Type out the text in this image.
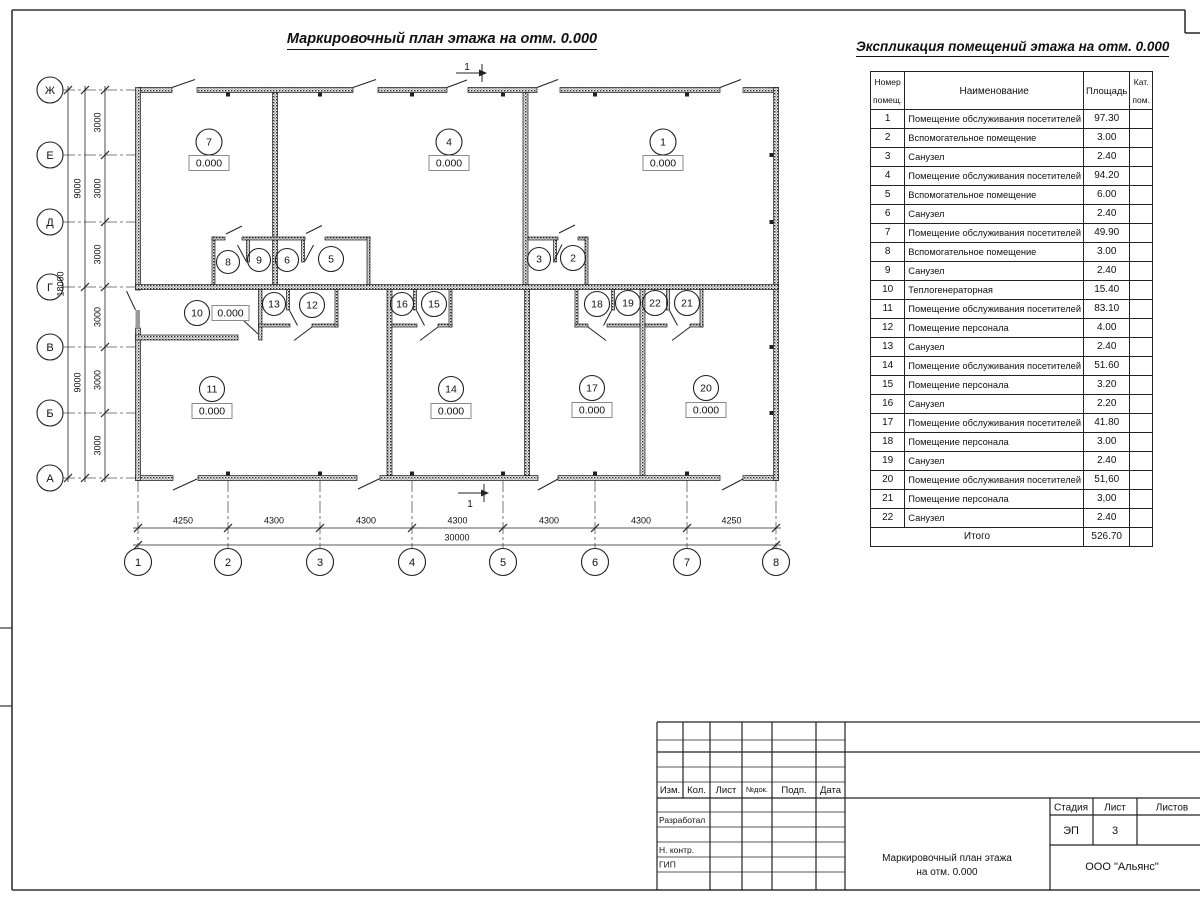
3000
3000
3000
3000
3000
3000
9000
9000
18000
4250	4300	4300	4300	4300	4300	4250
30000
Ж
Е
Д
Г
В
Б
А
1	2	3	4	5	6	7	8
1
1
7	4	1
8 9 6	5	3	2
10
13	12	16 15	18 19 22 21
11	14	17	20
0.000	0.000	0.000
0.000
0.000	0.000	0.000	0.000
Изм. Кол. Лист №док. Подп. Дата
Разработал
Н. контр.
ГИП
Маркировочный план этажа
на отм. 0.000
Стадия Лист	Листов
ЭП	3
ООО "Альянс"
Маркировочный план этажа на отм. 0.000	Экспликация помещений этажа на отм. 0.000
Номер помещ.	Наименование	Площадь	Кат. пом.
1	Помещение обслуживания посетителей	97.30	
2	Вспомогательное помещение	3.00	
3	Санузел	2.40	
4	Помещение обслуживания посетителей	94.20	
5	Вспомогательное помещение	6.00	
6	Санузел	2.40	
7	Помещение обслуживания посетителей	49.90	
8	Вспомогательное помещение	3.00	
9	Санузел	2.40	
10	Теплогенераторная	15.40	
11	Помещение обслуживания посетителей	83.10	
12	Помещение персонала	4.00	
13	Санузел	2.40	
14	Помещение обслуживания посетителей	51.60	
15	Помещение персонала	3.20	
16	Санузел	2.20	
17	Помещение обслуживания посетителей	41.80	
18	Помещение персонала	3.00	
19	Санузел	2.40	
20	Помещение обслуживания посетителей	51,60	
21	Помещение персонала	3,00	
22	Санузел	2.40	
Итого		526.70	
